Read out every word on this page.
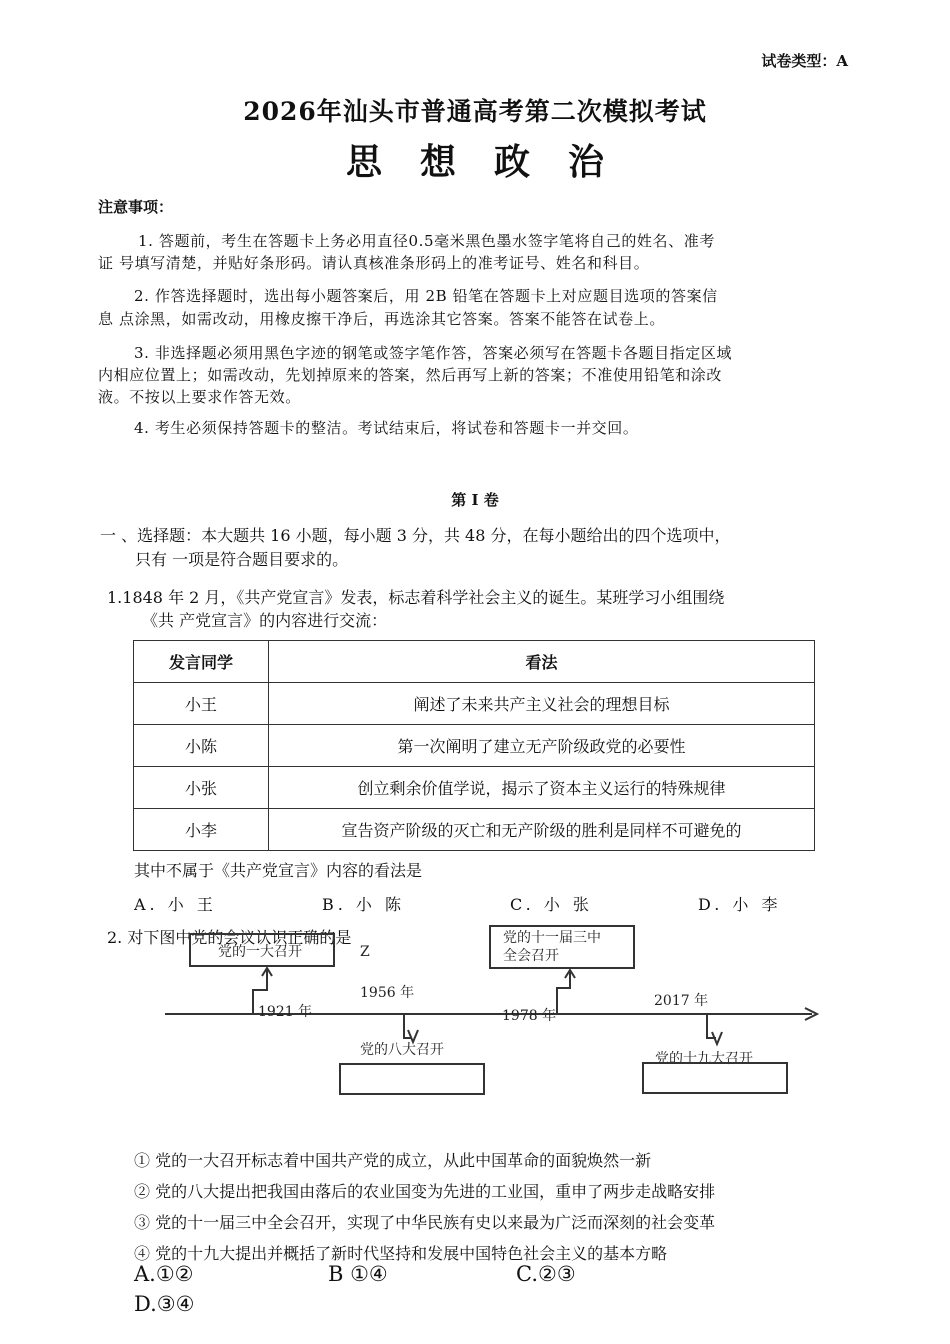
试卷类型：A
2026年汕头市普通高考第二次模拟考试
思想政治
注意事项：
1. 答题前，考生在答题卡上务必用直径0.5毫米黑色墨水签字笔将自己的姓名、准考
证 号填写清楚，并贴好条形码。请认真核准条形码上的准考证号、姓名和科目。
2. 作答选择题时，选出每小题答案后，用 2B 铅笔在答题卡上对应题目选项的答案信
息 点涂黑，如需改动，用橡皮擦干净后，再选涂其它答案。答案不能答在试卷上。
3. 非选择题必须用黑色字迹的钢笔或签字笔作答，答案必须写在答题卡各题目指定区域
内相应位置上；如需改动，先划掉原来的答案，然后再写上新的答案；不准使用铅笔和涂改
液。不按以上要求作答无效。
4. 考生必须保持答题卡的整洁。考试结束后，将试卷和答题卡一并交回。
第 I 卷
一 、选择题：本大题共 16 小题，每小题 3 分，共 48 分，在每小题给出的四个选项中，
只有 一项是符合题目要求的。
1.1848 年 2 月，《共产党宣言》发表，标志着科学社会主义的诞生。某班学习小组围绕
《共 产党宣言》的内容进行交流：
发言同学	看法
小王	阐述了未来共产主义社会的理想目标
小陈	第一次阐明了建立无产阶级政党的必要性
小张	创立剩余价值学说，揭示了资本主义运行的特殊规律
小李	宣告资产阶级的灭亡和无产阶级的胜利是同样不可避免的
其中不属于《共产党宣言》内容的看法是
A. 小 王	B. 小 陈	C. 小 张	D. 小 李
2. 对下图中党的会议认识正确的是
党的一大召开
1921 年
Z
1956 年
党的十一届三中
全会召开
1978 年
2017 年
党的八大召开
党的十九大召开
① 党的一大召开标志着中国共产党的成立，从此中国革命的面貌焕然一新
② 党的八大提出把我国由落后的农业国变为先进的工业国，重申了两步走战略安排
③ 党的十一届三中全会召开，实现了中华民族有史以来最为广泛而深刻的社会变革
④ 党的十九大提出并概括了新时代坚持和发展中国特色社会主义的基本方略
A.①②	B ①④	C.②③
D.③④
